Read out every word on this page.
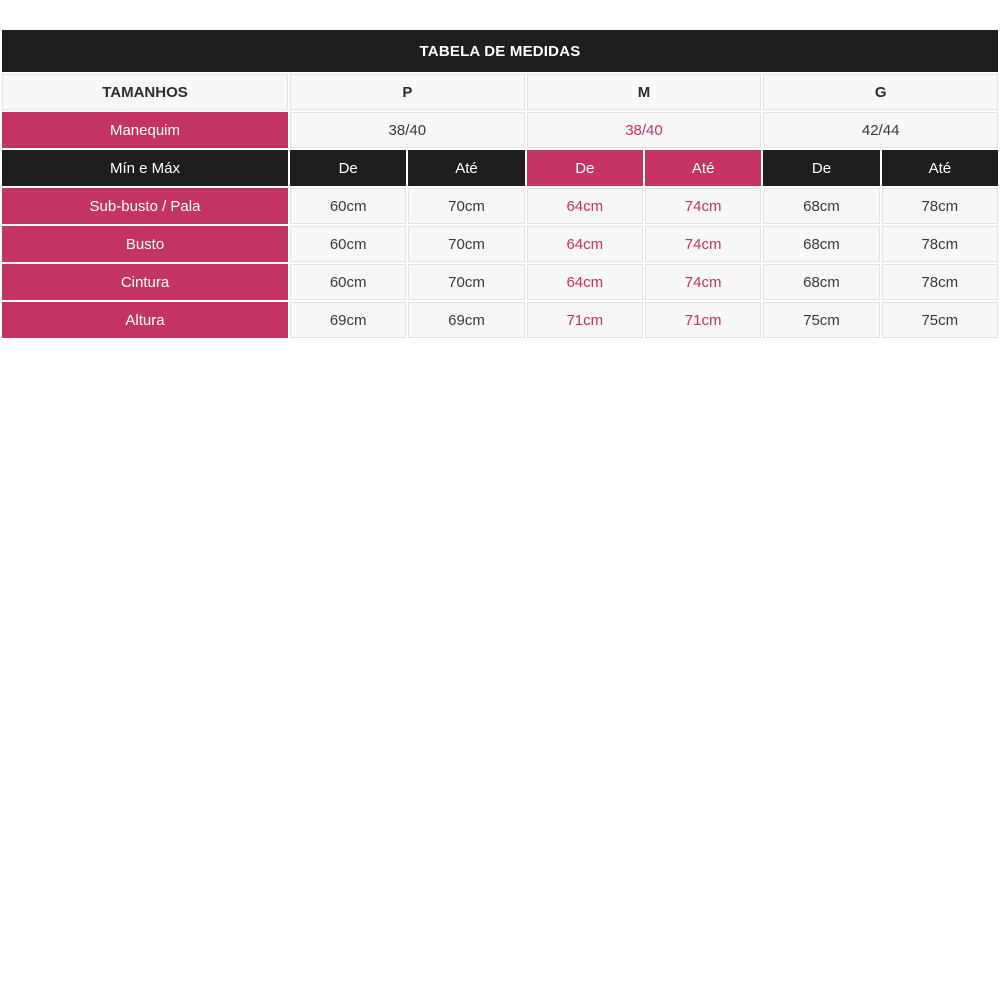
TABELA DE MEDIDAS						
TAMANHOS	P		M		G	
Manequim	38/40		38/40		42/44	
Mín e Máx	De	Até	De	Até	De	Até
Sub-busto / Pala	60cm	70cm	64cm	74cm	68cm	78cm
Busto	60cm	70cm	64cm	74cm	68cm	78cm
Cintura	60cm	70cm	64cm	74cm	68cm	78cm
Altura	69cm	69cm	71cm	71cm	75cm	75cm
